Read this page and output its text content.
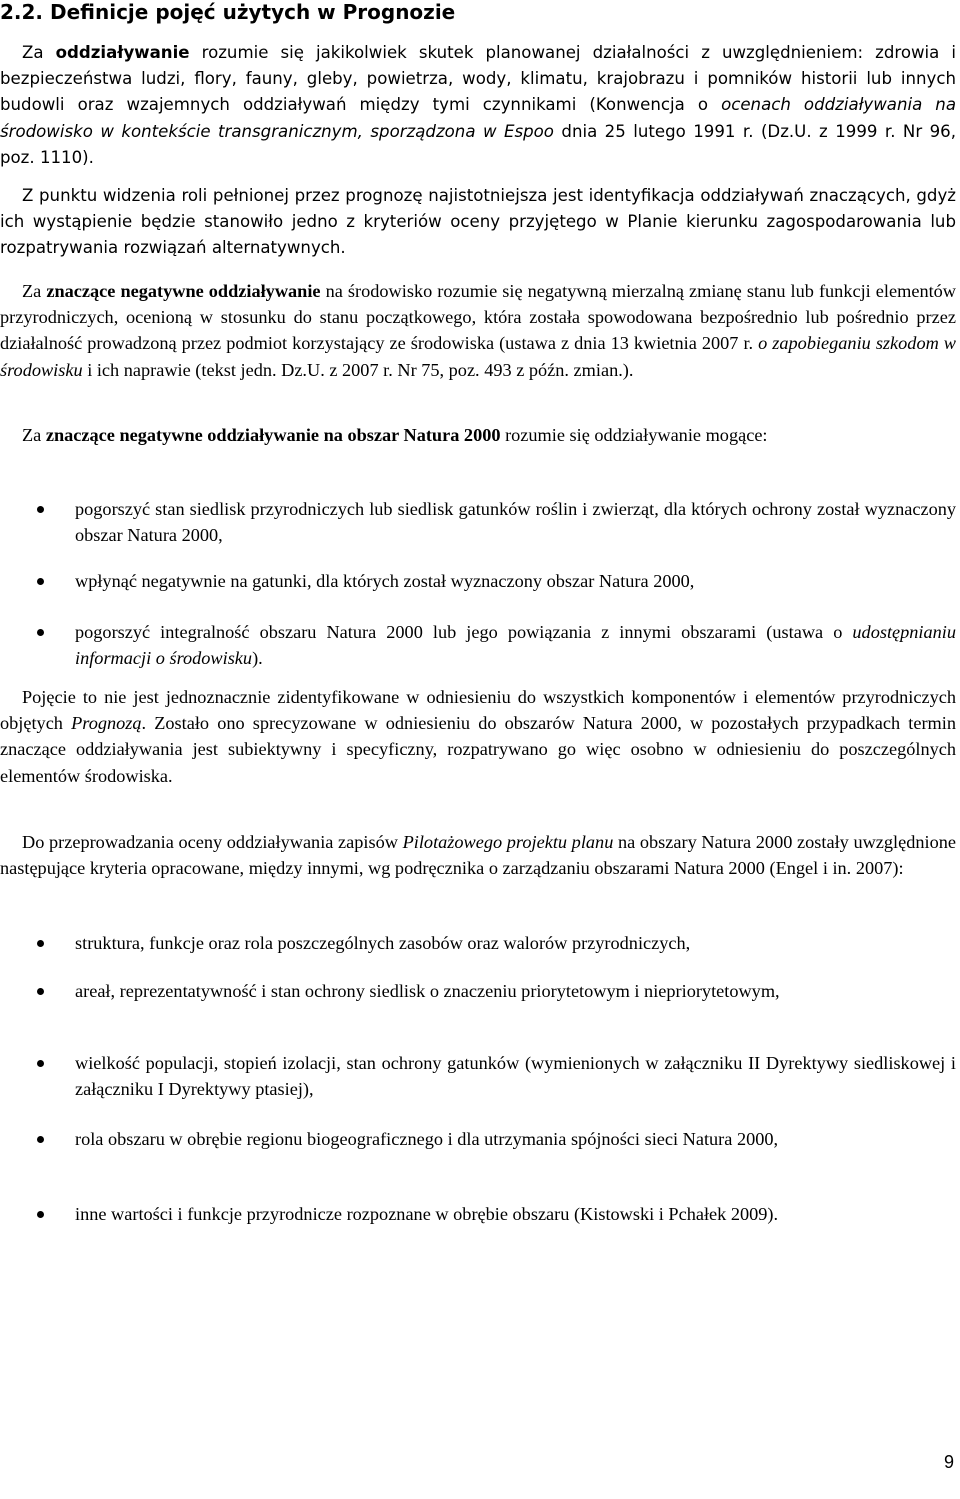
2.2. Definicje pojęć użytych w Prognozie

Za oddziaływanie rozumie się jakikolwiek skutek planowanej działalności z uwzględnieniem: zdrowia i bezpieczeństwa ludzi, flory, fauny, gleby, powietrza, wody, klimatu, krajobrazu i pomników historii lub innych budowli oraz wzajemnych oddziaływań między tymi czynnikami (Konwencja o ocenach oddziaływania na środowisko w kontekście transgranicznym, sporządzona w Espoo dnia 25 lutego 1991 r. (Dz.U. z 1999 r. Nr 96, poz. 1110).

Z punktu widzenia roli pełnionej przez prognozę najistotniejsza jest identyfikacja oddziaływań znaczących, gdyż ich wystąpienie będzie stanowiło jedno z kryteriów oceny przyjętego w Planie kierunku zagospodarowania lub rozpatrywania rozwiązań alternatywnych.

Za znaczące negatywne oddziaływanie na środowisko rozumie się negatywną mierzalną zmianę stanu lub funkcji elementów przyrodniczych, ocenioną w stosunku do stanu początkowego, która została spowodowana bezpośrednio lub pośrednio przez działalność prowadzoną przez podmiot korzystający ze środowiska (ustawa z dnia 13 kwietnia 2007 r. o zapobieganiu szkodom w środowisku i ich naprawie (tekst jedn. Dz.U. z 2007 r. Nr 75, poz. 493 z późn. zmian.).

Za znaczące negatywne oddziaływanie na obszar Natura 2000 rozumie się oddziaływanie mogące:

pogorszyć stan siedlisk przyrodniczych lub siedlisk gatunków roślin i zwierząt, dla których ochrony został wyznaczony obszar Natura 2000,
wpłynąć negatywnie na gatunki, dla których został wyznaczony obszar Natura 2000,
pogorszyć integralność obszaru Natura 2000 lub jego powiązania z innymi obszarami (ustawa o udostępnianiu informacji o środowisku).

Pojęcie to nie jest jednoznacznie zidentyfikowane w odniesieniu do wszystkich komponentów i elementów przyrodniczych objętych Prognozą. Zostało ono sprecyzowane w odniesieniu do obszarów Natura 2000, w pozostałych przypadkach termin znaczące oddziaływania jest subiektywny i specyficzny, rozpatrywano go więc osobno w odniesieniu do poszczególnych elementów środowiska.

Do przeprowadzania oceny oddziaływania zapisów Pilotażowego projektu planu na obszary Natura 2000 zostały uwzględnione następujące kryteria opracowane, między innymi, wg podręcznika o zarządzaniu obszarami Natura 2000 (Engel i in. 2007):

struktura, funkcje oraz rola poszczególnych zasobów oraz walorów przyrodniczych,
areał, reprezentatywność i stan ochrony siedlisk o znaczeniu priorytetowym i niepriorytetowym,
wielkość populacji, stopień izolacji, stan ochrony gatunków (wymienionych w załączniku II Dyrektywy siedliskowej i załączniku I Dyrektywy ptasiej),
rola obszaru w obrębie regionu biogeograficznego i dla utrzymania spójności sieci Natura 2000,
inne wartości i funkcje przyrodnicze rozpoznane w obrębie obszaru (Kistowski i Pchałek 2009).
9
